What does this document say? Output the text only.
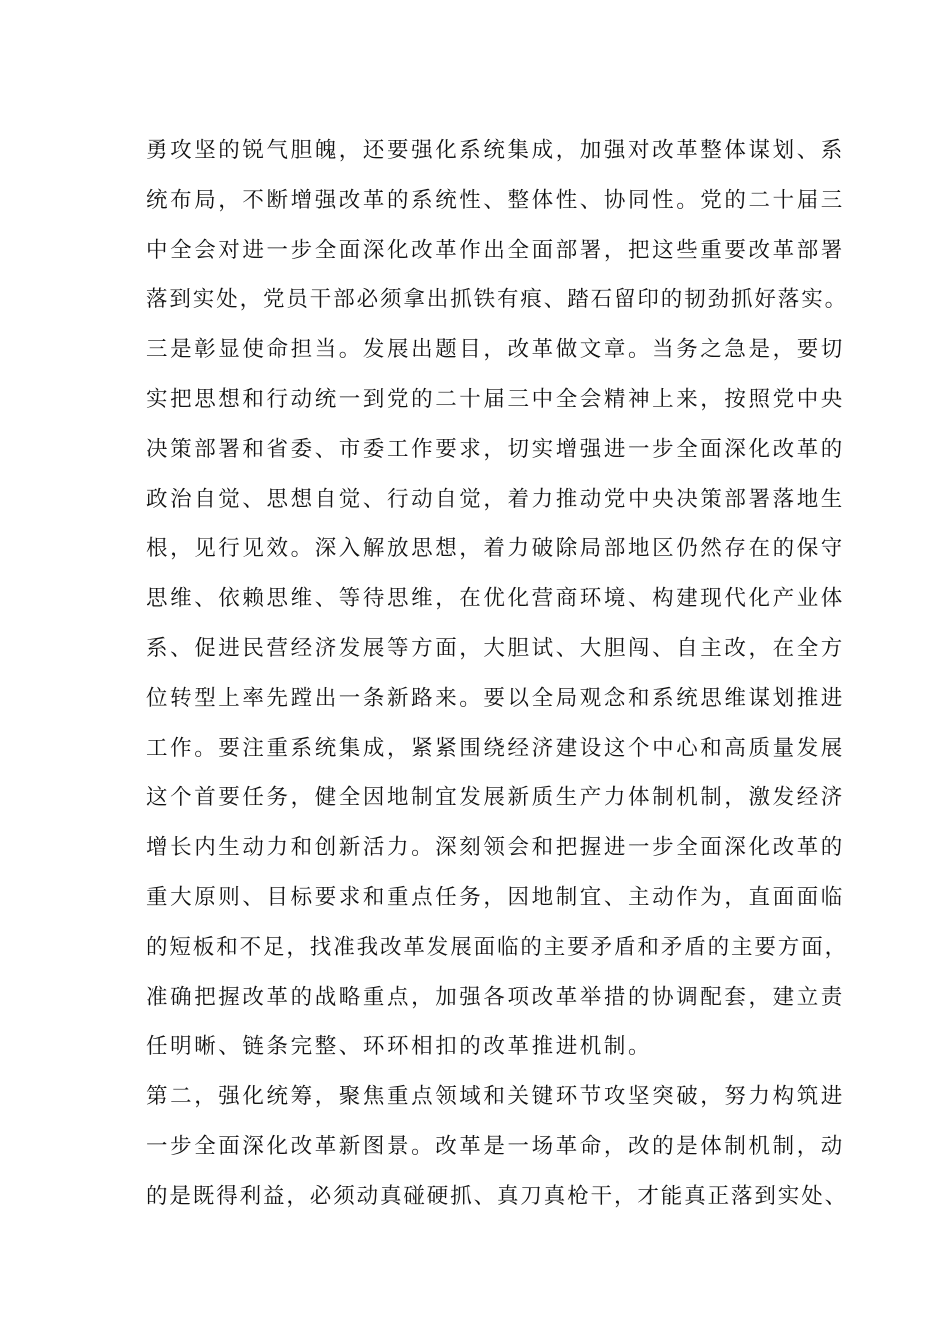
勇攻坚的锐气胆魄，还要强化系统集成，加强对改革整体谋划、系
统布局，不断增强改革的系统性、整体性、协同性。党的二十届三
中全会对进一步全面深化改革作出全面部署，把这些重要改革部署
落到实处，党员干部必须拿出抓铁有痕、踏石留印的韧劲抓好落实。
三是彰显使命担当。发展出题目，改革做文章。当务之急是，要切
实把思想和行动统一到党的二十届三中全会精神上来，按照党中央
决策部署和省委、市委工作要求，切实增强进一步全面深化改革的
政治自觉、思想自觉、行动自觉，着力推动党中央决策部署落地生
根，见行见效。深入解放思想，着力破除局部地区仍然存在的保守
思维、依赖思维、等待思维，在优化营商环境、构建现代化产业体
系、促进民营经济发展等方面，大胆试、大胆闯、自主改，在全方
位转型上率先蹚出一条新路来。要以全局观念和系统思维谋划推进
工作。要注重系统集成，紧紧围绕经济建设这个中心和高质量发展
这个首要任务，健全因地制宜发展新质生产力体制机制，激发经济
增长内生动力和创新活力。深刻领会和把握进一步全面深化改革的
重大原则、目标要求和重点任务，因地制宜、主动作为，直面面临
的短板和不足，找准我改革发展面临的主要矛盾和矛盾的主要方面，
准确把握改革的战略重点，加强各项改革举措的协调配套，建立责
任明晰、链条完整、环环相扣的改革推进机制。
第二，强化统筹，聚焦重点领域和关键环节攻坚突破，努力构筑进
一步全面深化改革新图景。改革是一场革命，改的是体制机制，动
的是既得利益，必须动真碰硬抓、真刀真枪干，才能真正落到实处、
